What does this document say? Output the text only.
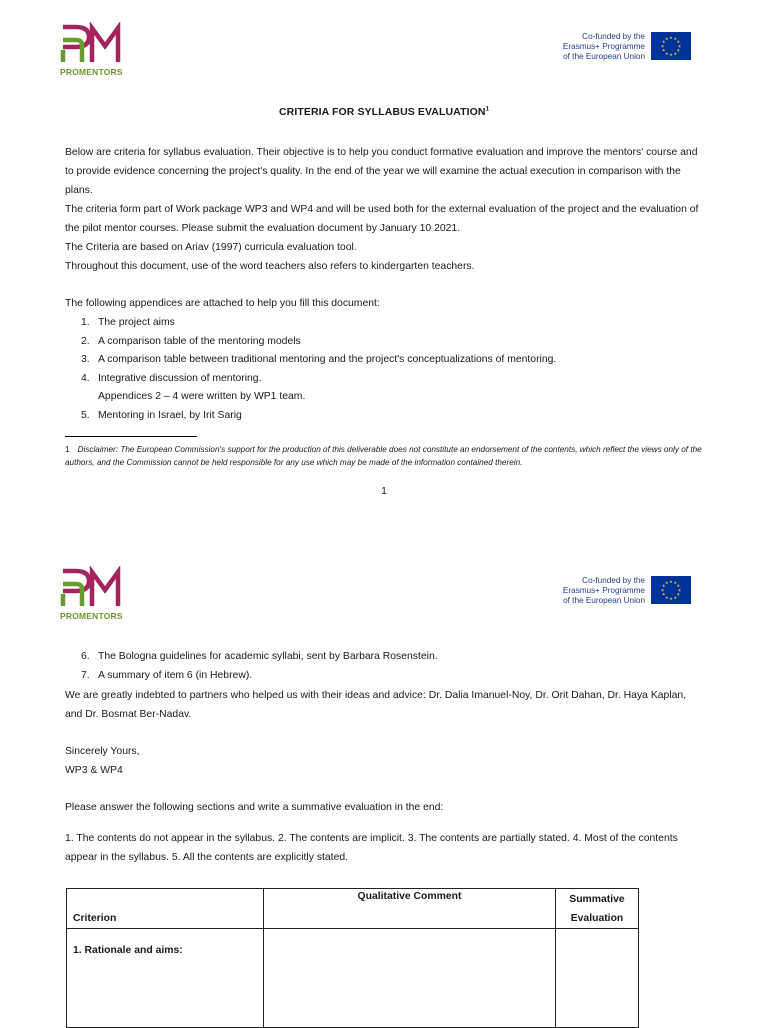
PROMENTORS
Co-funded by the
Erasmus+ Programme
of the European Union
★
★
★
★
★
★
★
★
★ ★ ★
★
CRITERIA FOR SYLLABUS EVALUATION$^1$

Below are criteria for syllabus evaluation. Their objective is to help you conduct formative evaluation and improve the mentors' course and to provide evidence concerning the project's quality. In the end of the year we will examine the actual execution in comparison with the plans.

The criteria form part of Work package WP3 and WP4 and will be used both for the external evaluation of the project and the evaluation of the pilot mentor courses. Please submit the evaluation document by January 10 2021.

The Criteria are based on Ariav (1997) curricula evaluation tool.

Throughout this document, use of the word teachers also refers to kindergarten teachers.

The following appendices are attached to help you fill this document:

1. The project aims
2. A comparison table of the mentoring models
3. A comparison table between traditional mentoring and the project's conceptualizations of mentoring.
4. Integrative discussion of mentoring.
Appendices 2 – 4 were written by WP1 team.
5. Mentoring in Israel, by Irit Sarig
1 Disclaimer: The European Commission's support for the production of this deliverable does not constitute an endorsement of the contents, which reflect the views only of the authors, and the Commission cannot be held responsible for any use which may be made of the information contained therein.
1
PROMENTORS
Co-funded by the
Erasmus+ Programme
of the European Union
★
★
★
★
★
★
★
★
★ ★ ★
★
6. The Bologna guidelines for academic syllabi, sent by Barbara Rosenstein.
7. A summary of item 6 (in Hebrew).

We are greatly indebted to partners who helped us with their ideas and advice: Dr. Dalia Imanuel-Noy, Dr. Orit Dahan, Dr. Haya Kaplan, and Dr. Bosmat Ber-Nadav.

Sincerely Yours,

WP3 & WP4

Please answer the following sections and write a summative evaluation in the end:

1. The contents do not appear in the syllabus. 2. The contents are implicit. 3. The contents are partially stated. 4. Most of the contents appear in the syllabus. 5. All the contents are explicitly stated.

Criterion	Qualitative Comment	Summative Evaluation
1. Rationale and aims:		
